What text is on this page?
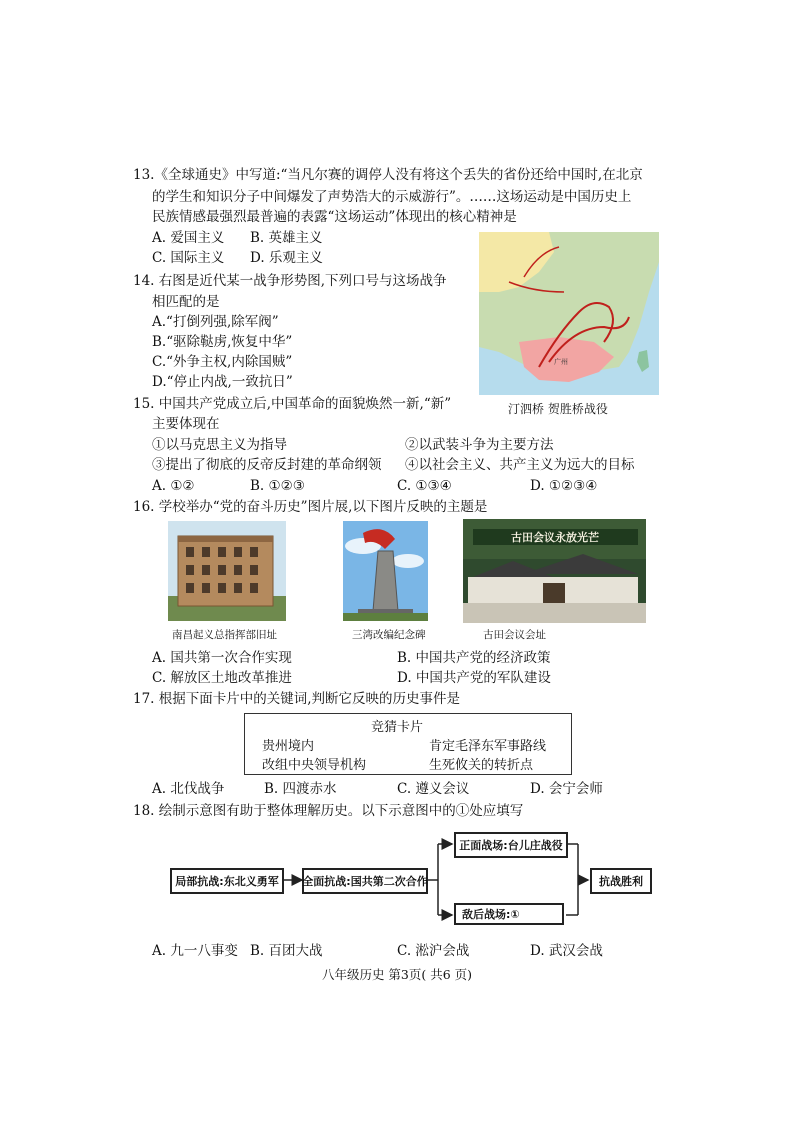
13.《全球通史》中写道:“当凡尔赛的调停人没有将这个丢失的省份还给中国时,在北京
的学生和知识分子中间爆发了声势浩大的示威游行”。……这场运动是中国历史上
民族情感最强烈最普遍的表露“这场运动”体现出的核心精神是
A. 爱国主义 B. 英雄主义
C. 国际主义 D. 乐观主义
广州
14. 右图是近代某一战争形势图,下列口号与这场战争
相匹配的是
A.“打倒列强,除军阀”
B.“驱除鞑虏,恢复中华”
C.“外争主权,内除国贼”
D.“停止内战,一致抗日”
汀泗桥 贺胜桥战役
15. 中国共产党成立后,中国革命的面貌焕然一新,“新”
主要体现在
①以马克思主义为指导	②以武装斗争为主要方法
③提出了彻底的反帝反封建的革命纲领 ④以社会主义、共产主义为远大的目标
A. ①②	B. ①②③	C. ①③④	D. ①②③④
16. 学校举办“党的奋斗历史”图片展,以下图片反映的主题是
南昌起义总指挥部旧址	三湾改编纪念碑
古田会议永放光芒
古田会议会址
A. 国共第一次合作实现	B. 中国共产党的经济政策
C. 解放区土地改革推进	D. 中国共产党的军队建设
17. 根据下面卡片中的关键词,判断它反映的历史事件是
竞猜卡片
贵州境内	肯定毛泽东军事路线
改组中央领导机构	生死攸关的转折点
A. 北伐战争	B. 四渡赤水	C. 遵义会议	D. 会宁会师
18. 绘制示意图有助于整体理解历史。以下示意图中的①处应填写
局部抗战:东北义勇军	全面抗战:国共第二次合作
正面战场:台儿庄战役
敌后战场:①
抗战胜利
A. 九一八事变 B. 百团大战	C. 淞沪会战	D. 武汉会战
八年级历史 第3页( 共6 页)
